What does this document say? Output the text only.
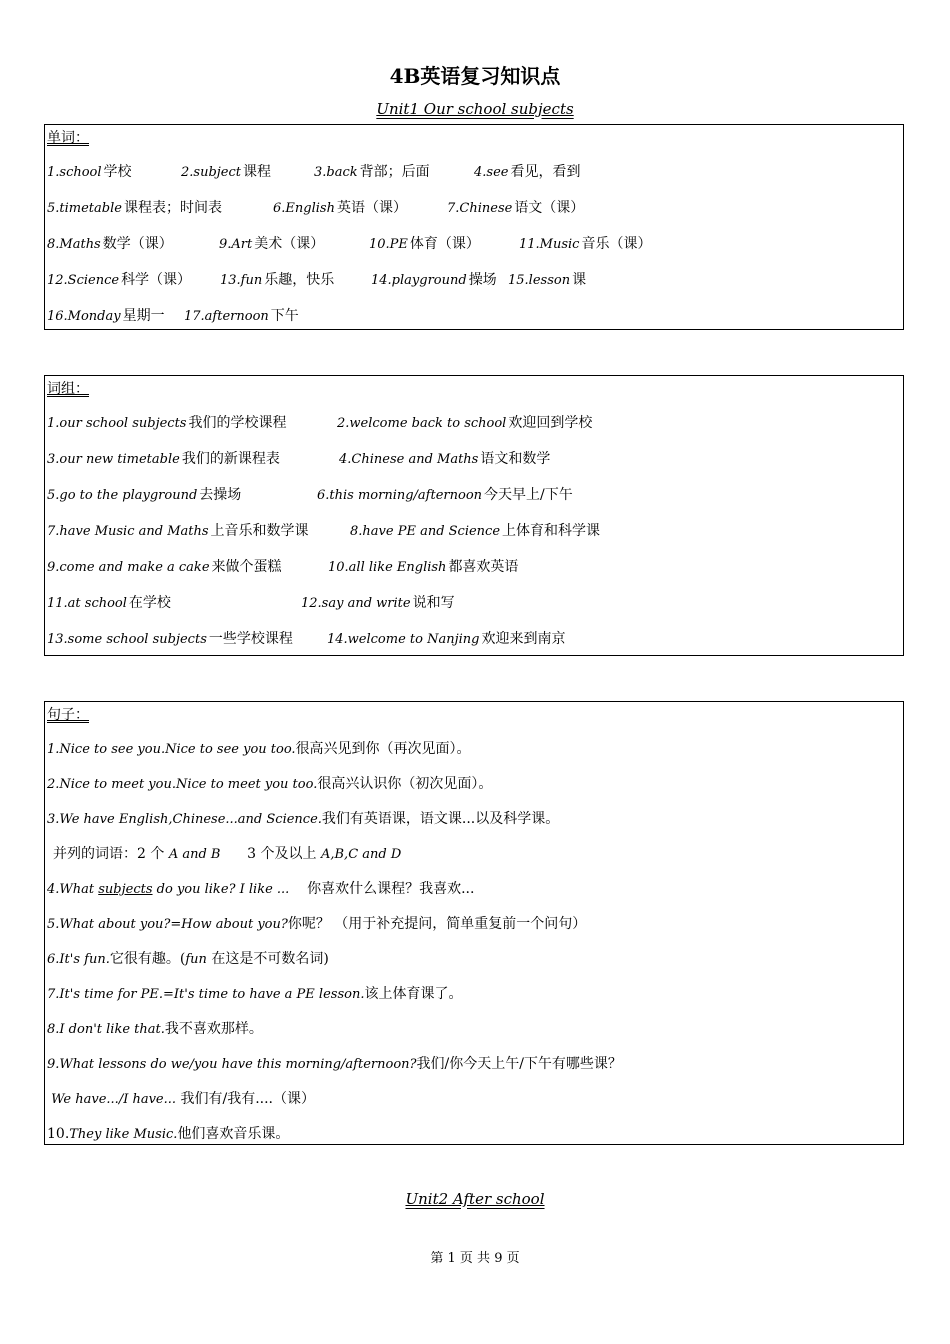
4B英语复习知识点
Unit1 Our school subjects
单词：
1.school 学校	2.subject 课程	3.back 背部；后面	4.see 看见，看到
5.timetable 课程表；时间表	6.English 英语（课）	7.Chinese 语文（课）
8.Maths 数学（课）	9.Art 美术（课）	10.PE 体育（课）	11.Music 音乐（课）
12.Science 科学（课） 13.fun 乐趣，快乐	14.playground 操场 15.lesson 课
16.Monday 星期一 17.afternoon 下午
词组：
1.our school subjects 我们的学校课程	2.welcome back to school 欢迎回到学校
3.our new timetable 我们的新课程表	4.Chinese and Maths 语文和数学
5.go to the playground 去操场	6.this morning/afternoon 今天早上/下午
7.have Music and Maths 上音乐和数学课	8.have PE and Science 上体育和科学课
9.come and make a cake 来做个蛋糕	10.all like English 都喜欢英语
11.at school 在学校	12.say and write 说和写
13.some school subjects 一些学校课程	14.welcome to Nanjing 欢迎来到南京
句子：
1.Nice to see you.Nice to see you too.很高兴见到你（再次见面）。
2.Nice to meet you.Nice to meet you too.很高兴认识你（初次见面）。
3.We have English,Chinese...and Science.我们有英语课，语文课...以及科学课。
并列的词语：2 个 A and B      3 个及以上 A,B,C and D
4.What subjects do you like? I like ...    你喜欢什么课程？我喜欢...
5.What about you?=How about you?你呢？ （用于补充提问，简单重复前一个问句）
6.It's fun.它很有趣。(fun 在这是不可数名词)
7.It's time for PE.=It's time to have a PE lesson.该上体育课了。
8.I don't like that.我不喜欢那样。
9.What lessons do we/you have this morning/afternoon?我们/你今天上午/下午有哪些课？
We have.../I have... 我们有/我有....（课）
10.They like Music.他们喜欢音乐课。
Unit2 After school
第 1 页 共 9 页
